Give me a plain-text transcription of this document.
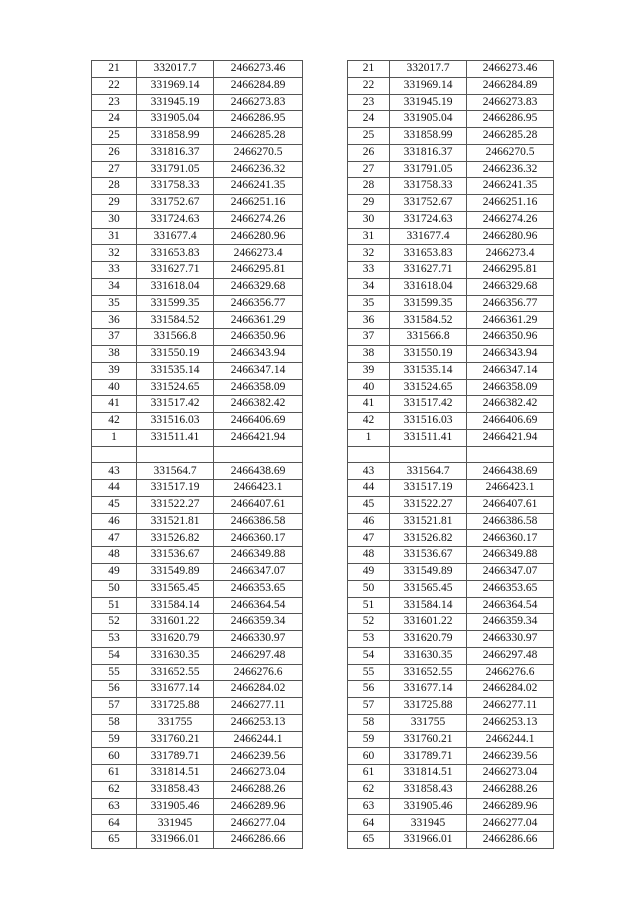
21	332017.7	2466273.46
22	331969.14	2466284.89
23	331945.19	2466273.83
24	331905.04	2466286.95
25	331858.99	2466285.28
26	331816.37	2466270.5
27	331791.05	2466236.32
28	331758.33	2466241.35
29	331752.67	2466251.16
30	331724.63	2466274.26
31	331677.4	2466280.96
32	331653.83	2466273.4
33	331627.71	2466295.81
34	331618.04	2466329.68
35	331599.35	2466356.77
36	331584.52	2466361.29
37	331566.8	2466350.96
38	331550.19	2466343.94
39	331535.14	2466347.14
40	331524.65	2466358.09
41	331517.42	2466382.42
42	331516.03	2466406.69
1	331511.41	2466421.94

43	331564.7	2466438.69
44	331517.19	2466423.1
45	331522.27	2466407.61
46	331521.81	2466386.58
47	331526.82	2466360.17
48	331536.67	2466349.88
49	331549.89	2466347.07
50	331565.45	2466353.65
51	331584.14	2466364.54
52	331601.22	2466359.34
53	331620.79	2466330.97
54	331630.35	2466297.48
55	331652.55	2466276.6
56	331677.14	2466284.02
57	331725.88	2466277.11
58	331755	2466253.13
59	331760.21	2466244.1
60	331789.71	2466239.56
61	331814.51	2466273.04
62	331858.43	2466288.26
63	331905.46	2466289.96
64	331945	2466277.04
65	331966.01	2466286.66
21	332017.7	2466273.46
22	331969.14	2466284.89
23	331945.19	2466273.83
24	331905.04	2466286.95
25	331858.99	2466285.28
26	331816.37	2466270.5
27	331791.05	2466236.32
28	331758.33	2466241.35
29	331752.67	2466251.16
30	331724.63	2466274.26
31	331677.4	2466280.96
32	331653.83	2466273.4
33	331627.71	2466295.81
34	331618.04	2466329.68
35	331599.35	2466356.77
36	331584.52	2466361.29
37	331566.8	2466350.96
38	331550.19	2466343.94
39	331535.14	2466347.14
40	331524.65	2466358.09
41	331517.42	2466382.42
42	331516.03	2466406.69
1	331511.41	2466421.94

43	331564.7	2466438.69
44	331517.19	2466423.1
45	331522.27	2466407.61
46	331521.81	2466386.58
47	331526.82	2466360.17
48	331536.67	2466349.88
49	331549.89	2466347.07
50	331565.45	2466353.65
51	331584.14	2466364.54
52	331601.22	2466359.34
53	331620.79	2466330.97
54	331630.35	2466297.48
55	331652.55	2466276.6
56	331677.14	2466284.02
57	331725.88	2466277.11
58	331755	2466253.13
59	331760.21	2466244.1
60	331789.71	2466239.56
61	331814.51	2466273.04
62	331858.43	2466288.26
63	331905.46	2466289.96
64	331945	2466277.04
65	331966.01	2466286.66
